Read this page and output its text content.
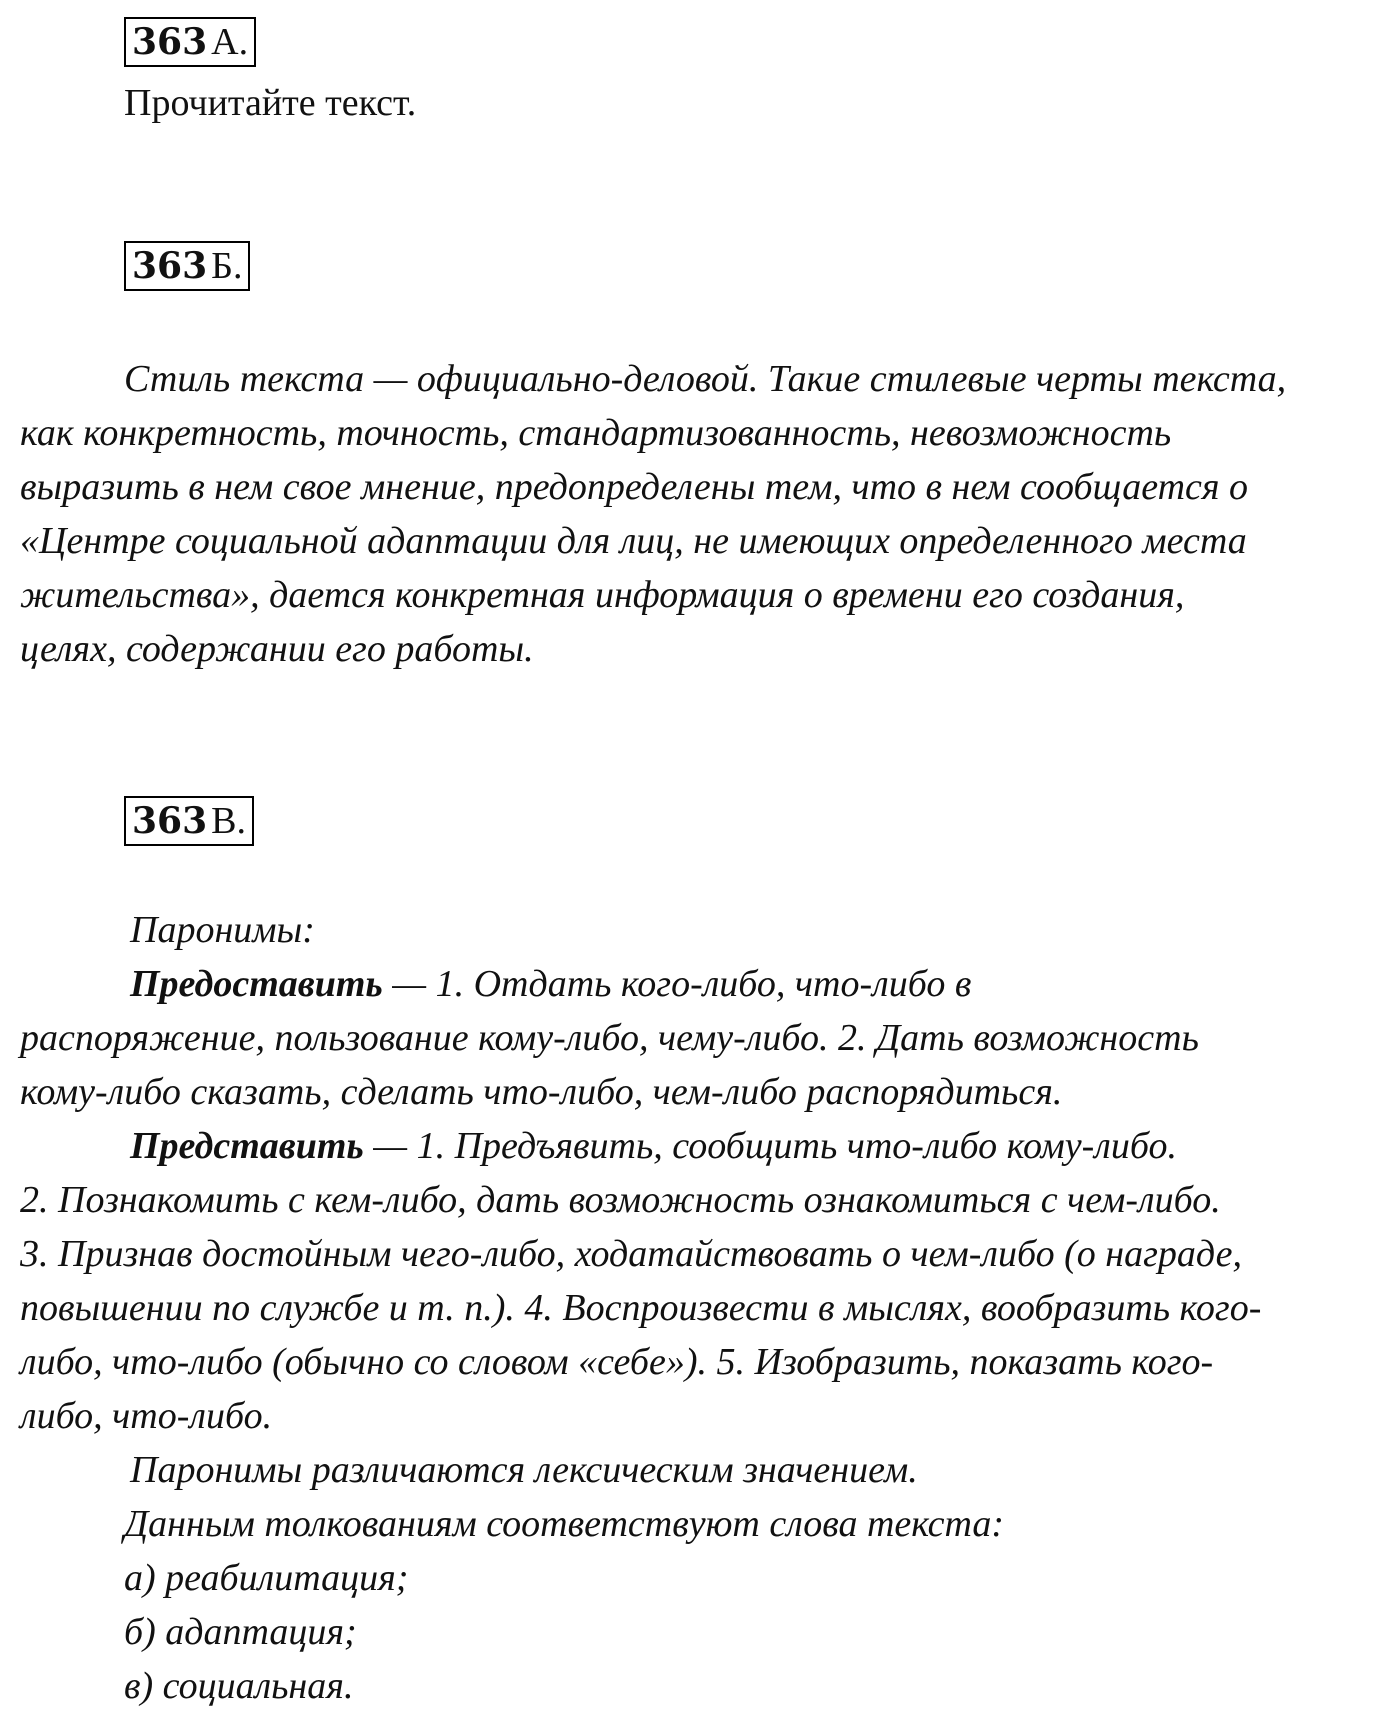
363 А.
Прочитайте текст.
363 Б.

Стиль текста — официально-деловой. Такие стилевые черты текста,

как конкретность, точность, стандартизованность, невозможность

выразить в нем свое мнение, предопределены тем, что в нем сообщается о

«Центре социальной адаптации для лиц, не имеющих определенного места

жительства», дается конкретная информация о времени его создания,

целях, содержании его работы.

363 В.

Паронимы:

Предоставить — 1. Отдать кого-либо, что-либо в

распоряжение, пользование кому-либо, чему-либо. 2. Дать возможность

кому-либо сказать, сделать что-либо, чем-либо распорядиться.

Представить — 1. Предъявить, сообщить что-либо кому-либо.

2. Познакомить с кем-либо, дать возможность ознакомиться с чем-либо.

3. Признав достойным чего-либо, ходатайствовать о чем-либо (о награде,

повышении по службе и т. п.). 4. Воспроизвести в мыслях, вообразить кого-

либо, что-либо (обычно со словом «себе»). 5. Изобразить, показать кого-

либо, что-либо.

Паронимы различаются лексическим значением.

Данным толкованиям соответствуют слова текста:

а) реабилитация;

б) адаптация;

в) социальная.
